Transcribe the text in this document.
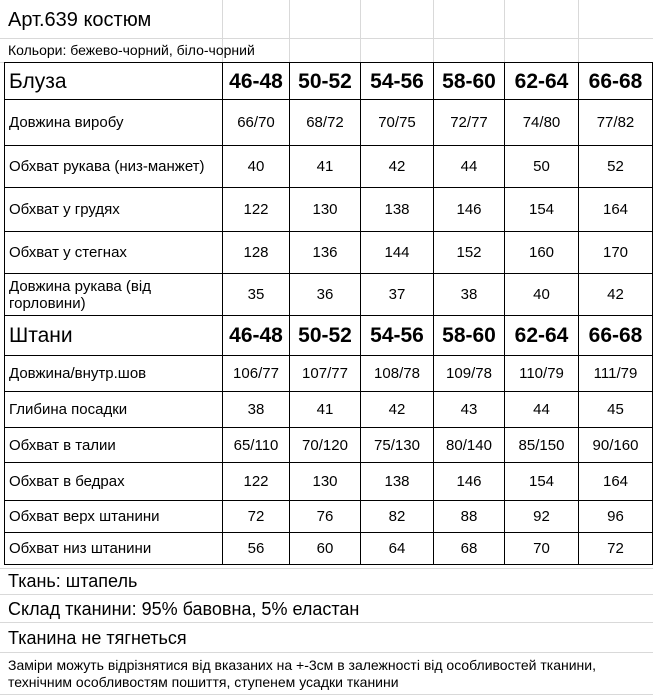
Арт.639 костюм
Кольори: бежево-чорний, біло-чорний
Блуза	46-48	50-52	54-56	58-60	62-64	66-68
Довжина виробу	66/70	68/72	70/75	72/77	74/80	77/82
Обхват рукава (низ-манжет)	40	41	42	44	50	52
Обхват у грудях	122	130	138	146	154	164
Обхват у стегнах	128	136	144	152	160	170
Довжина рукава (від горловини)	35	36	37	38	40	42
Штани	46-48	50-52	54-56	58-60	62-64	66-68
Довжина/внутр.шов	106/77	107/77	108/78	109/78	110/79	111/79
Глибина посадки	38	41	42	43	44	45
Обхват в талии	65/110	70/120	75/130	80/140	85/150	90/160
Обхват в бедрах	122	130	138	146	154	164
Обхват верх штанини	72	76	82	88	92	96
Обхват низ штанини	56	60	64	68	70	72
Ткань: штапель
Склад тканини: 95% бавовна, 5% еластан
Тканина не тягнеться
Заміри можуть відрізнятися від вказаних на +-3см в залежності від особливостей тканини, технічним особливостям пошиття, ступенем усадки тканини
